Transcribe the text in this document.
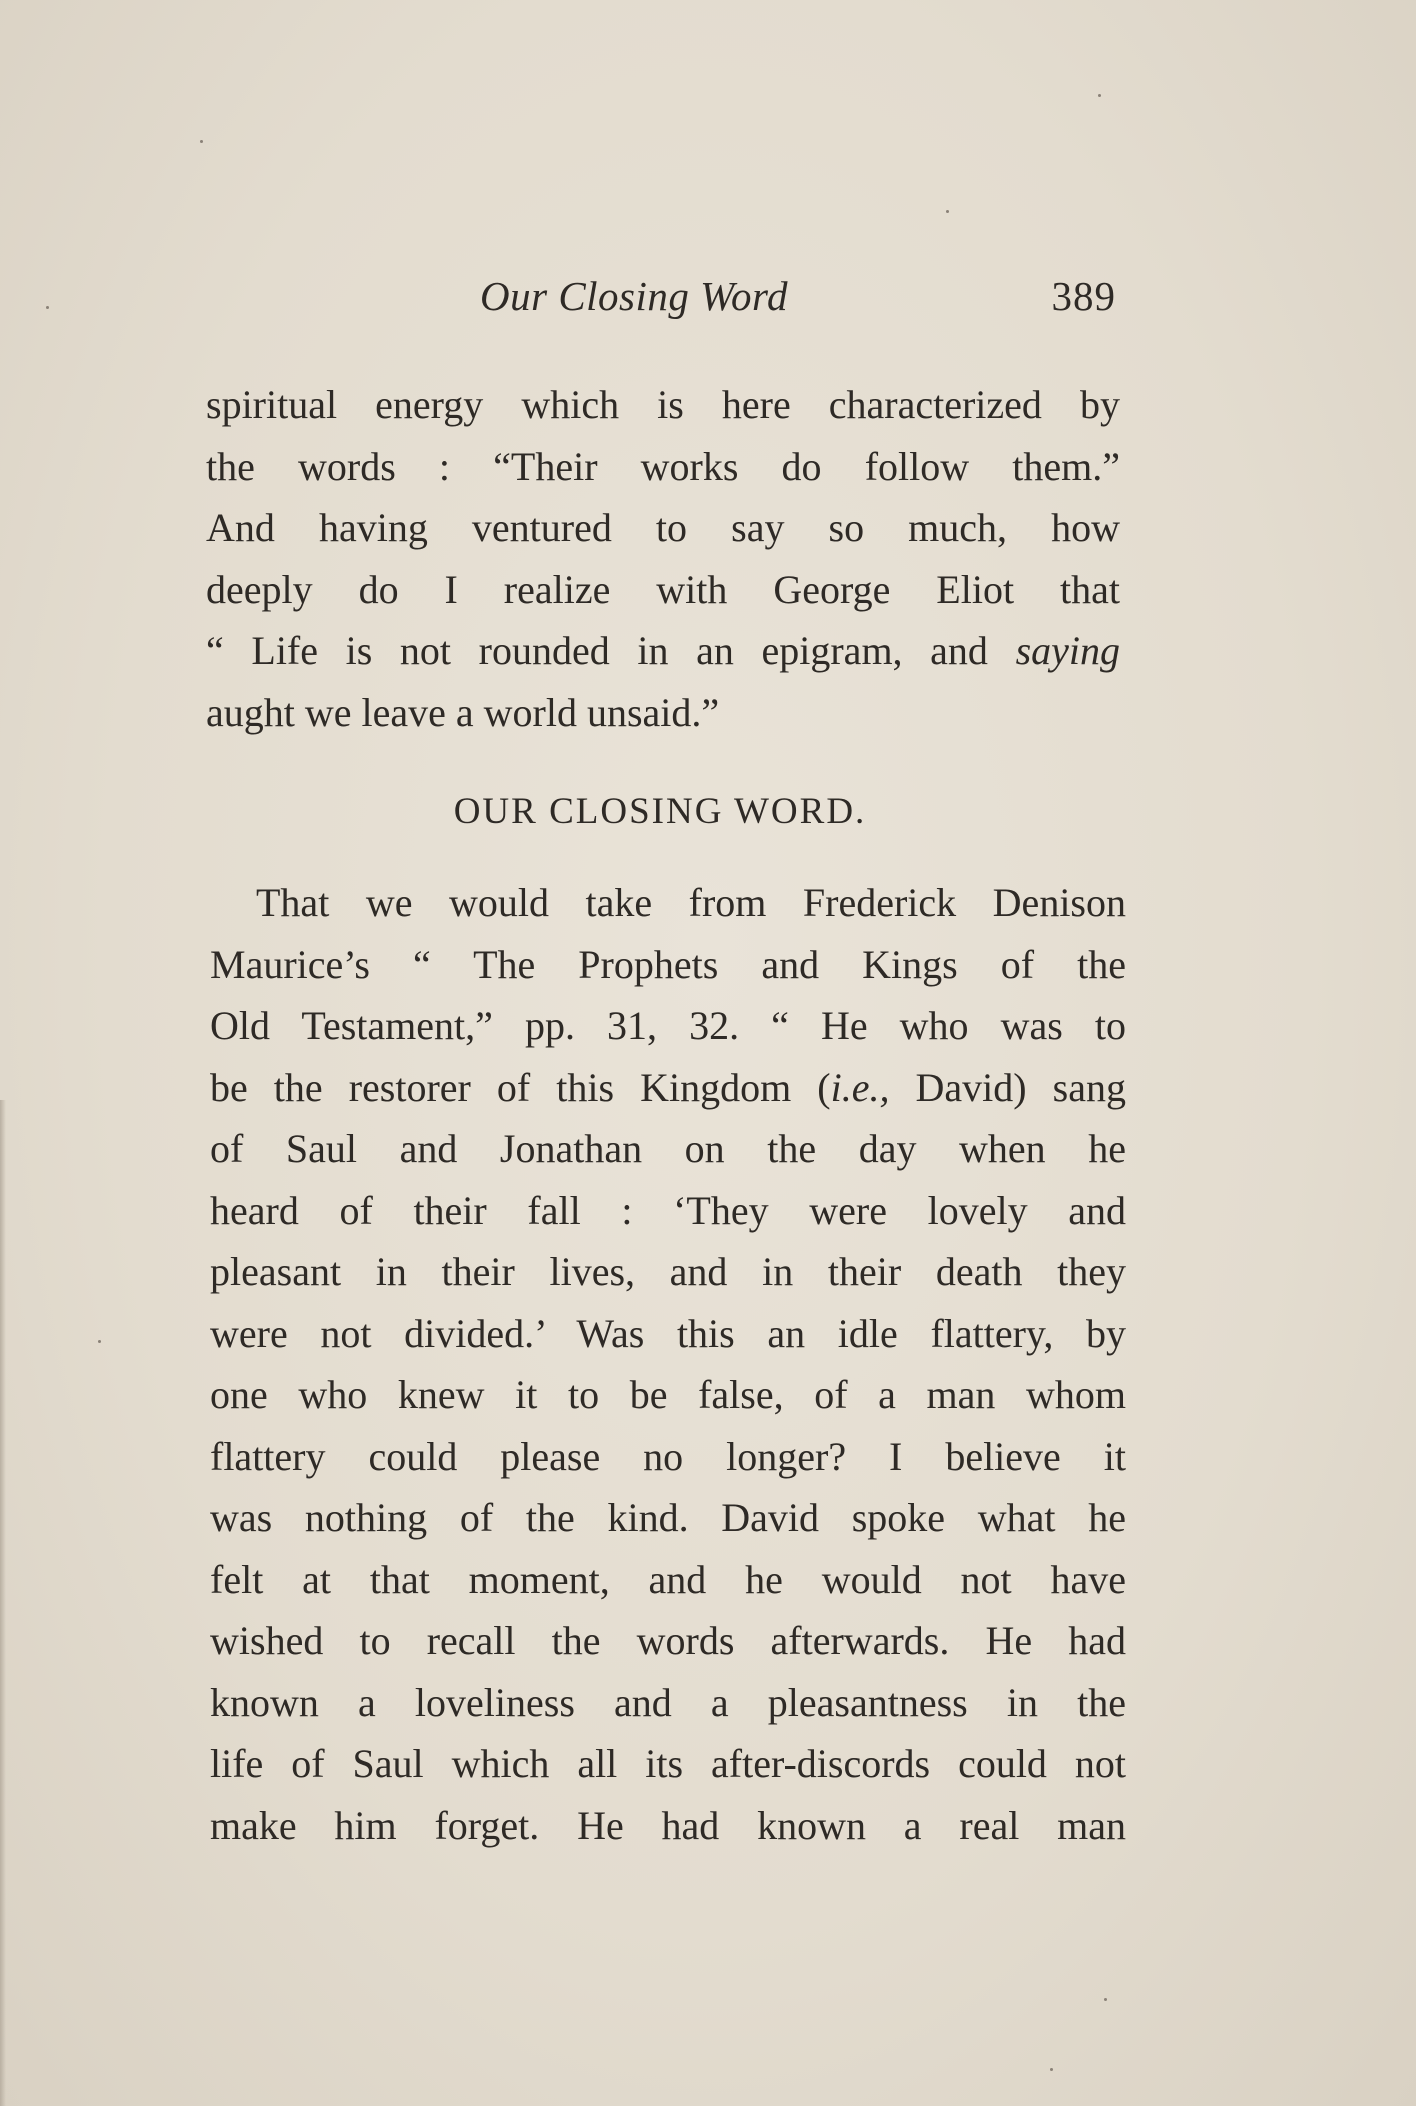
Our Closing Word	389
spiritual energy which is here characterized by
the words : “Their works do follow them.”
And having ventured to say so much, how
deeply do I realize with George Eliot that
“ Life is not rounded in an epigram, and saying
aught we leave a world unsaid.”
OUR CLOSING WORD.
That we would take from Frederick Denison
Maurice’s “ The Prophets and Kings of the
Old Testament,” pp. 31, 32. “ He who was to
be the restorer of this Kingdom (i.e., David) sang
of Saul and Jonathan on the day when he
heard of their fall : ‘They were lovely and
pleasant in their lives, and in their death they
were not divided.’ Was this an idle flattery, by
one who knew it to be false, of a man whom
flattery could please no longer? I believe it
was nothing of the kind. David spoke what he
felt at that moment, and he would not have
wished to recall the words afterwards. He had
known a loveliness and a pleasantness in the
life of Saul which all its after-discords could not
make him forget. He had known a real man
